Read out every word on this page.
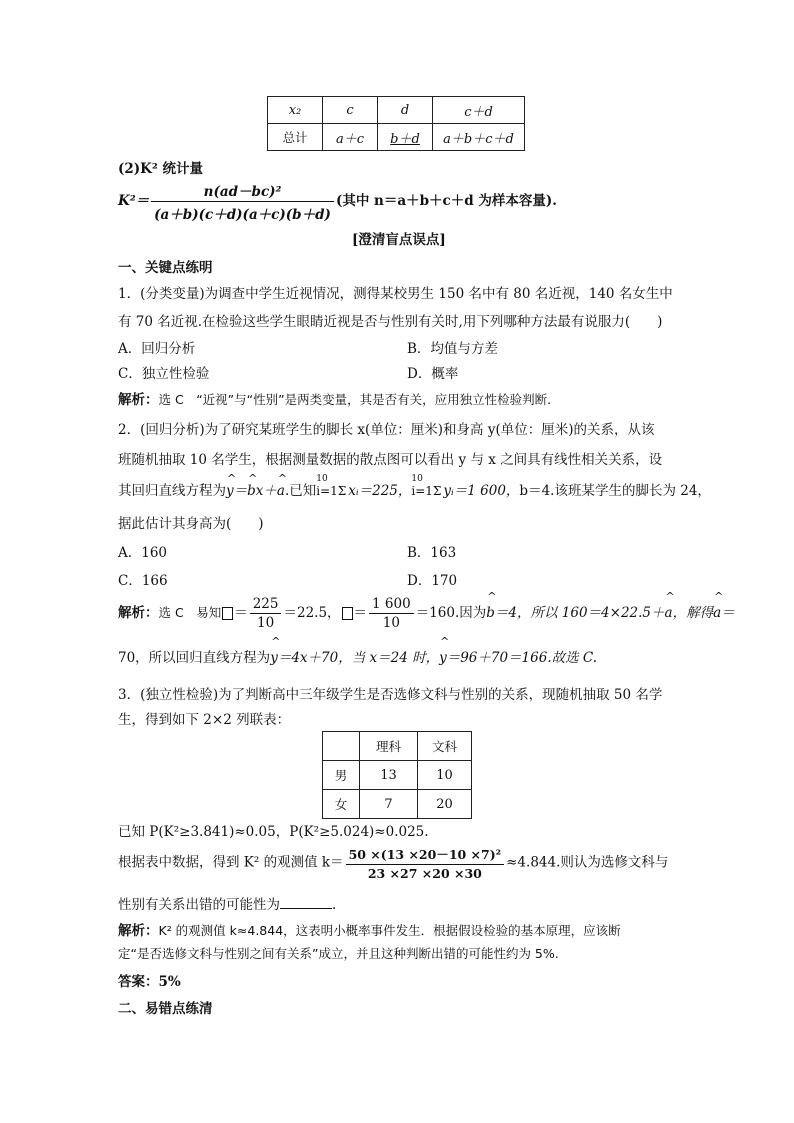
x₂	c	d	c＋d
总计	a＋c	b＋d	a＋b＋c＋d
(2)K² 统计量
$K^2= \frac{\text{n(ad－bc)²}}{(a+b)(c+d)(a+c)(b+d)}$ (其中 n＝a＋b＋c＋d 为样本容量).
[澄清盲点误点]
一、关键点练明
1．(分类变量)为调查中学生近视情况，测得某校男生 150 名中有 80 名近视，140 名女生中
有 70 名近视.在检验这些学生眼睛近视是否与性别有关时,用下列哪种方法最有说服力(　　)
A．回归分析	B．均值与方差
C．独立性检验	D．概率
解析：选 C　“近视”与“性别”是两类变量，其是否有关，应用独立性检验判断.
2．(回归分析)为了研究某班学生的脚长 x(单位：厘米)和身高 y(单位：厘米)的关系，从该
班随机抽取 10 名学生，根据测量数据的散点图可以看出 y 与 x 之间具有线性相关关系，设
其回归直线方程为^ y＝^ bx＋^ a.已知
10
i=1Σ xᵢ＝225，
10
i=1Σ yᵢ＝1 600，b＝4.该班某学生的脚长为 24，
据此估计其身高为(　　)
A．160	B．163
C．166	D．170
解析：选 C　易知 ＝ $\frac{225}{10} =22.5$， ＝ $\frac{1 600}{10} =160$.因为^ b＝4，所以 160＝4×22.5＋^ a，解得^ a＝
70，所以回归直线方程为^ y＝4x＋70，当 x＝24 时，^ y＝96＋70＝166.故选 C.
3．(独立性检验)为了判断高中三年级学生是否选修文科与性别的关系，现随机抽取 50 名学
生，得到如下 2×2 列联表：
	理科	文科
男	13	10
女	7	20
已知 P(K²≥3.841)≈0.05，P(K²≥5.024)≈0.025.
根据表中数据，得到 K² 的观测值 $k= \frac{\text{50 ×(13 ×20－10 ×7)²}}{23 \times 27 \times 20 \times 30} \approx 4.844$.则认为选修文科与
性别有关系出错的可能性为	.
解析：K² 的观测值 k≈4.844，这表明小概率事件发生．根据假设检验的基本原理，应该断
定“是否选修文科与性别之间有关系”成立，并且这种判断出错的可能性约为 5%.
答案：5%
二、易错点练清
